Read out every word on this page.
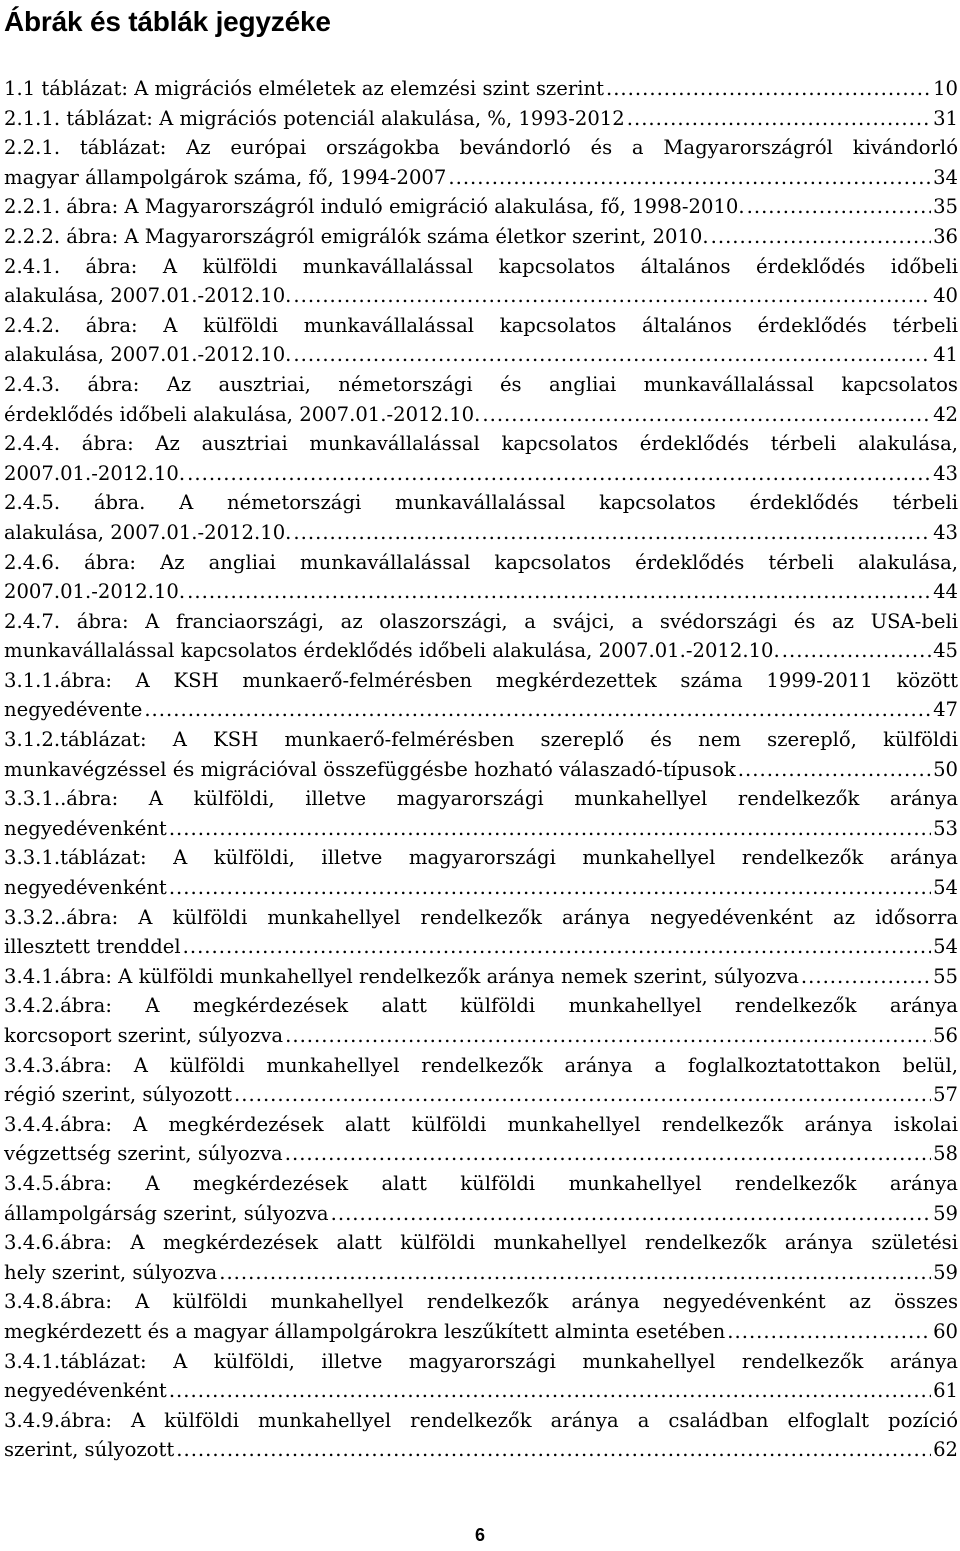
Ábrák és táblák jegyzéke
1.1 táblázat: A migrációs elméletek az elemzési szint szerint .....	10
2.1.1. táblázat: A migrációs potenciál alakulása, %, 1993-2012 .....	31
2.2.1. táblázat: Az európai országokba bevándorló és a Magyarországról kivándorló
magyar állampolgárok száma, fő, 1994-2007 .....	34
2.2.1. ábra: A Magyarországról induló emigráció alakulása, fő, 1998-2010. .....	35
2.2.2. ábra: A Magyarországról emigrálók száma életkor szerint, 2010. .....	36
2.4.1. ábra: A külföldi munkavállalással kapcsolatos általános érdeklődés időbeli
alakulása, 2007.01.-2012.10. .....	40
2.4.2. ábra: A külföldi munkavállalással kapcsolatos általános érdeklődés térbeli
alakulása, 2007.01.-2012.10. .....	41
2.4.3. ábra: Az ausztriai, németországi és angliai munkavállalással kapcsolatos
érdeklődés időbeli alakulása, 2007.01.-2012.10. .....	42
2.4.4. ábra: Az ausztriai munkavállalással kapcsolatos érdeklődés térbeli alakulása,
2007.01.-2012.10. .....	43
2.4.5. ábra. A németországi munkavállalással kapcsolatos érdeklődés térbeli
alakulása, 2007.01.-2012.10. .....	43
2.4.6. ábra: Az angliai munkavállalással kapcsolatos érdeklődés térbeli alakulása,
2007.01.-2012.10. .....	44
2.4.7. ábra: A franciaországi, az olaszországi, a svájci, a svédországi és az USA-beli
munkavállalással kapcsolatos érdeklődés időbeli alakulása, 2007.01.-2012.10. .....	45
3.1.1.ábra: A KSH munkaerő-felmérésben megkérdezettek száma 1999-2011 között
negyedévente .....	47
3.1.2.táblázat: A KSH munkaerő-felmérésben szereplő és nem szereplő, külföldi
munkavégzéssel és migrációval összefüggésbe hozható válaszadó-típusok .....	50
3.3.1..ábra: A külföldi, illetve magyarországi munkahellyel rendelkezők aránya
negyedévenként .....	53
3.3.1.táblázat: A külföldi, illetve magyarországi munkahellyel rendelkezők aránya
negyedévenként .....	54
3.3.2..ábra: A külföldi munkahellyel rendelkezők aránya negyedévenként az idősorra
illesztett trenddel .....	54
3.4.1.ábra: A külföldi munkahellyel rendelkezők aránya nemek szerint, súlyozva .....	55
3.4.2.ábra: A megkérdezések alatt külföldi munkahellyel rendelkezők aránya
korcsoport szerint, súlyozva .....	56
3.4.3.ábra: A külföldi munkahellyel rendelkezők aránya a foglalkoztatottakon belül,
régió szerint, súlyozott .....	57
3.4.4.ábra: A megkérdezések alatt külföldi munkahellyel rendelkezők aránya iskolai
végzettség szerint, súlyozva .....	58
3.4.5.ábra: A megkérdezések alatt külföldi munkahellyel rendelkezők aránya
állampolgárság szerint, súlyozva .....	59
3.4.6.ábra: A megkérdezések alatt külföldi munkahellyel rendelkezők aránya születési
hely szerint, súlyozva .....	59
3.4.8.ábra: A külföldi munkahellyel rendelkezők aránya negyedévenként az összes
megkérdezett és a magyar állampolgárokra leszűkített alminta esetében .....	60
3.4.1.táblázat: A külföldi, illetve magyarországi munkahellyel rendelkezők aránya
negyedévenként .....	61
3.4.9.ábra: A külföldi munkahellyel rendelkezők aránya a családban elfoglalt pozíció
szerint, súlyozott .....	62
6
